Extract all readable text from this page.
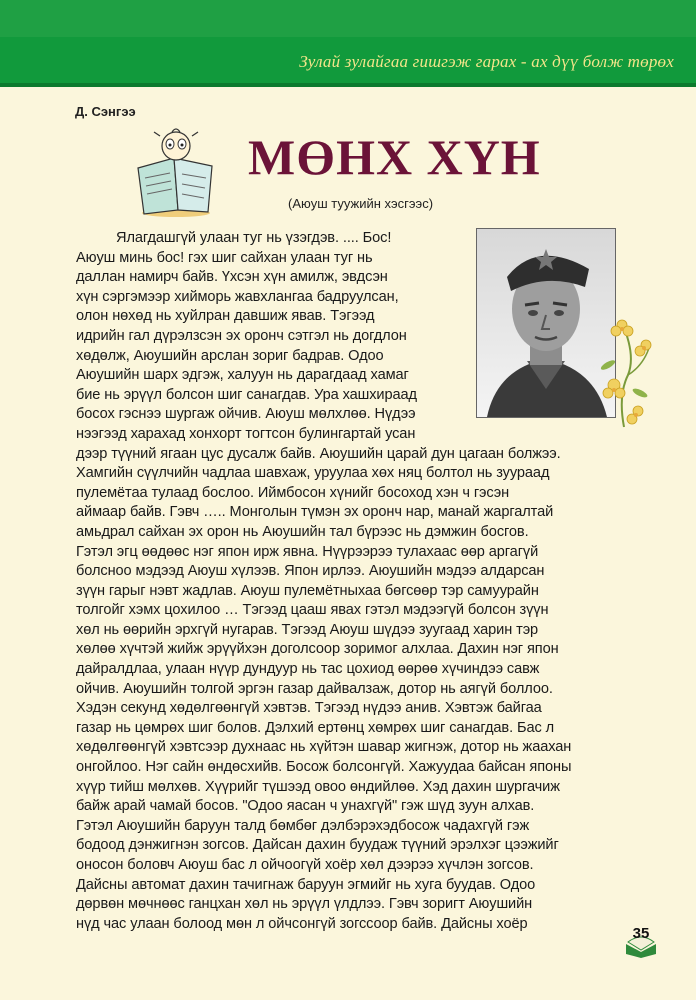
Зулай зулайгаа гишгэж гарах - ах дүү болж төрөх
Д. Сэнгээ
МӨНХ ХҮН
(Аюуш туужийн хэсгээс)
Ялагдашгүй улаан туг нь үзэгдэв. .... Бос!
Аюуш минь бос! гэх шиг сайхан улаан туг нь
даллан намирч байв. Үхсэн хүн амилж, эвдсэн
хүн сэргэмээр хийморь жавхлангаа бадруулсан,
олон нөхөд нь хуйлран давшиж явав. Тэгээд
идрийн гал дүрэлзсэн эх оронч сэтгэл нь догдлон
хөдөлж, Аюушийн арслан зориг бадрав. Одоо
Аюушийн шарх эдгэж, халуун нь дарагдаад хамаг
бие нь эрүүл болсон шиг санагдав. Ура хашхираад
босох гэснээ шургаж ойчив. Аюуш мөлхлөө. Нүдээ
нээгээд харахад хонхорт тогтсон булингартай усан
дээр түүний ягаан цус дусалж байв. Аюушийн царай дун цагаан болжээ.
Хамгийн сүүлчийн чадлаа шавхаж, уруулаа хөх няц болтол нь зуураад
пулемётаа тулаад бослоо. Иймбосон хүнийг босоход хэн ч гэсэн
аймаар байв. Гэвч ….. Монголын түмэн эх оронч нар, манай жаргалтай
амьдрал сайхан эх орон нь Аюушийн тал бүрээс нь дэмжин босгов.
Гэтэл эгц өөдөөс нэг япон ирж явна. Нүүрээрээ тулахаас өөр аргагүй
болсноо мэдээд Аюуш хүлээв. Япон ирлээ. Аюушийн мэдээ алдарсан
зүүн гарыг нэвт жадлав. Аюуш пулемётныхаа бөгсөөр тэр самуурайн
толгойг хэмх цохилоо … Тэгээд цааш явах гэтэл мэдээгүй болсон зүүн
хөл нь өөрийн эрхгүй нугарав. Тэгээд Аюуш шүдээ зуугаад харин тэр
хөлөө хүчтэй жийж эрүүйхэн доголсоор зоримог алхлаа. Дахин нэг япон
дайралдлаа, улаан нүүр дундуур нь тас цохиод өөрөө хүчиндээ савж
ойчив. Аюушийн толгой эргэн газар дайвалзаж, дотор нь аягүй боллоо.
Хэдэн секунд хөдөлгөөнгүй хэвтэв. Тэгээд нүдээ анив. Хэвтэж байгаа
газар нь цөмрөх шиг болов. Дэлхий ертөнц хөмрөх шиг санагдав. Бас л
хөдөлгөөнгүй хэвтсээр духнаас нь хүйтэн шавар жигнэж, дотор нь жаахан
онгойлоо. Нэг сайн өндөсхийв. Босож болсонгүй. Хажуудаа байсан японы
хүүр тийш мөлхөв. Хүүрийг түшээд овоо өндийлөө. Хэд дахин шургачиж
байж арай чамай босов. "Одоо яасан ч унахгүй" гэж шүд зуун алхав.
Гэтэл Аюушийн баруун талд бөмбөг дэлбэрэхэдбосож чадахгүй гэж
бодоод дэнжигнэн зогсов. Дайсан дахин буудаж түүний эрэлхэг цээжийг
оносон боловч Аюуш бас л ойчоогүй хоёр хөл дээрээ хүчлэн зогсов.
Дайсны автомат дахин тачигнаж баруун эгмийг нь хуга буудав. Одоо
дөрвөн мөчнөөс ганцхан хөл нь эрүүл үлдлээ. Гэвч зоригт Аюушийн
нүд час улаан болоод мөн л ойчсонгүй зогссоор байв. Дайсны хоёр
35
